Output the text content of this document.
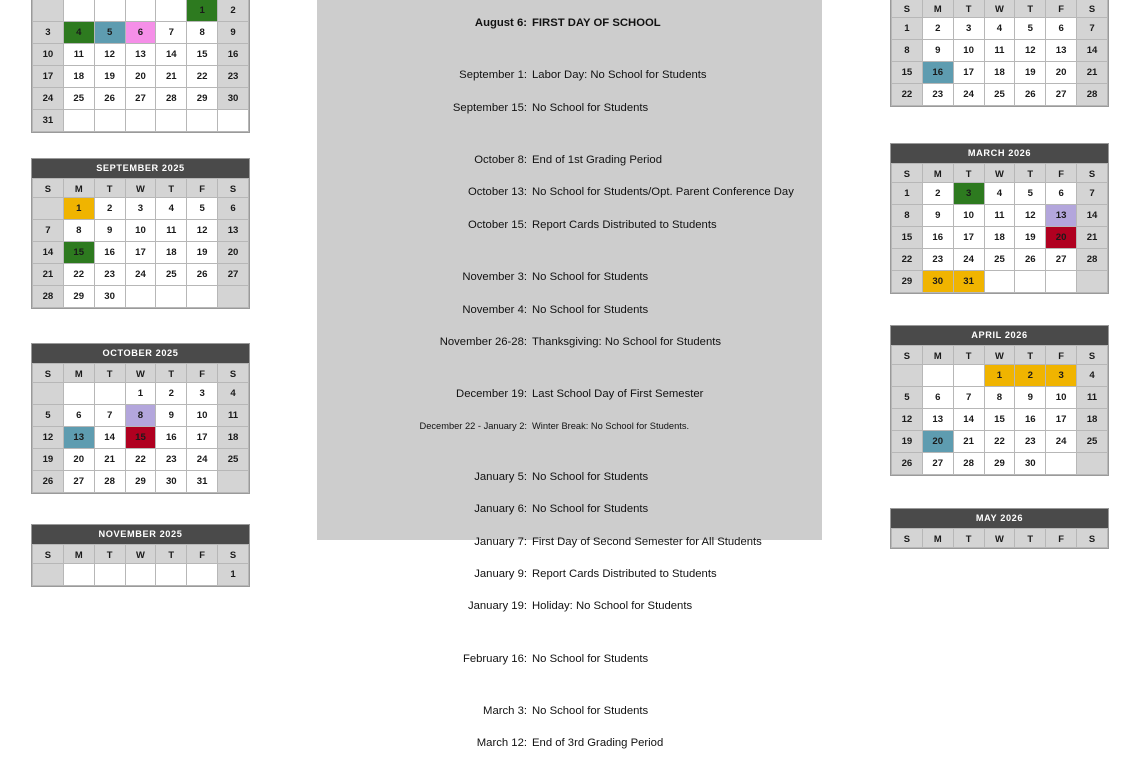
August 6: FIRST DAY OF SCHOOL
September 1: Labor Day: No School for Students
September 15: No School for Students
October 8: End of 1st Grading Period
October 13: No School for Students/Opt. Parent Conference Day
October 15: Report Cards Distributed to Students
November 3: No School for Students
November 4: No School for Students
November 26-28: Thanksgiving: No School for Students
December 19: Last School Day of First Semester
December 22 - January 2: Winter Break: No School for Students.
January 5: No School for Students
January 6: No School for Students
January 7: First Day of Second Semester for All Students
January 9: Report Cards Distributed to Students
January 19: Holiday: No School for Students
February 16: No School for Students
March 3: No School for Students
March 12: End of 3rd Grading Period

					1	2
3	4	5	6	7	8	9
10	11	12	13	14	15	16
17	18	19	20	21	22	23
24	25	26	27	28	29	30
31						
SEPTEMBER 2025
S	M	T	W	T	F	S
	1	2	3	4	5	6
7	8	9	10	11	12	13
14	15	16	17	18	19	20
21	22	23	24	25	26	27
28	29	30				
OCTOBER 2025
S	M	T	W	T	F	S
			1	2	3	4
5	6	7	8	9	10	11
12	13	14	15	16	17	18
19	20	21	22	23	24	25
26	27	28	29	30	31	
NOVEMBER 2025
S	M	T	W	T	F	S
						1
S	M	T	W	T	F	S
1	2	3	4	5	6	7
8	9	10	11	12	13	14
15	16	17	18	19	20	21
22	23	24	25	26	27	28
MARCH 2026
S	M	T	W	T	F	S
1	2	3	4	5	6	7
8	9	10	11	12	13	14
15	16	17	18	19	20	21
22	23	24	25	26	27	28
29	30	31				
APRIL 2026
S	M	T	W	T	F	S
			1	2	3	4
5	6	7	8	9	10	11
12	13	14	15	16	17	18
19	20	21	22	23	24	25
26	27	28	29	30		
MAY 2026
S	M	T	W	T	F	S
